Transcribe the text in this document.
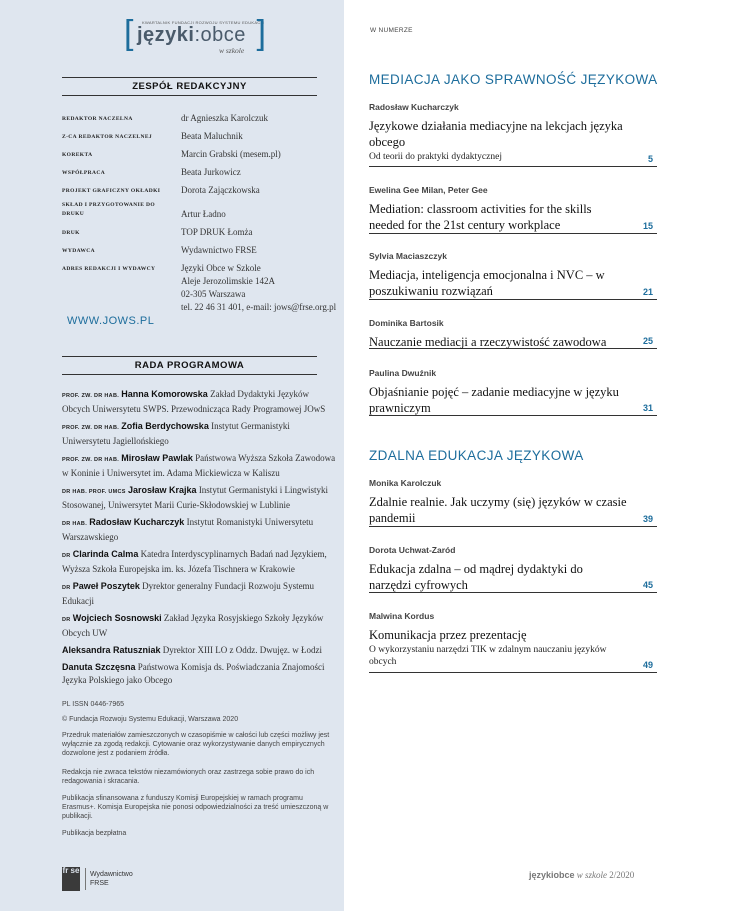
[ KWARTALNIK FUNDACJI ROZWOJU SYSTEMU EDUKACJI
języki:obce
w szkole ]
ZESPÓŁ REDAKCYJNY
REDAKTOR NACZELNA	dr Agnieszka Karolczuk
Z-CA REDAKTOR NACZELNEJ	Beata Maluchnik
KOREKTA	Marcin Grabski (mesem.pl)
WSPÓŁPRACA	Beata Jurkowicz
PROJEKT GRAFICZNY OKŁADKI	Dorota Zajączkowska
SKŁAD I PRZYGOTOWANIE DO DRUKU	Artur Ładno
DRUK	TOP DRUK Łomża
WYDAWCA	Wydawnictwo FRSE
ADRES REDAKCJI I WYDAWCY	Języki Obce w Szkole
Aleje Jerozolimskie 142A
02-305 Warszawa
tel. 22 46 31 401, e-mail: jows@frse.org.pl
WWW.JOWS.PL
RADA PROGRAMOWA
PROF. ZW. DR HAB. Hanna Komorowska Zakład Dydaktyki Języków Obcych Uniwersytetu SWPS. Przewodnicząca Rady Programowej JOwS
PROF. ZW. DR HAB. Zofia Berdychowska Instytut Germanistyki Uniwersytetu Jagiellońskiego
PROF. ZW. DR HAB. Mirosław Pawlak Państwowa Wyższa Szkoła Zawodowa w Koninie i Uniwersytet im. Adama Mickiewicza w Kaliszu
DR HAB. PROF. UMCS Jarosław Krajka Instytut Germanistyki i Lingwistyki Stosowanej, Uniwersytet Marii Curie-Skłodowskiej w Lublinie
DR HAB. Radosław Kucharczyk Instytut Romanistyki Uniwersytetu Warszawskiego
DR Clarinda Calma Katedra Interdyscyplinarnych Badań nad Językiem, Wyższa Szkoła Europejska im. ks. Józefa Tischnera w Krakowie
DR Paweł Poszytek Dyrektor generalny Fundacji Rozwoju Systemu Edukacji
DR Wojciech Sosnowski Zakład Języka Rosyjskiego Szkoły Języków Obcych UW
Aleksandra Ratuszniak Dyrektor XIII LO z Oddz. Dwujęz. w Łodzi
Danuta Szczęsna Państwowa Komisja ds. Poświadczania Znajomości Języka Polskiego jako Obcego
PL ISSN 0446-7965
© Fundacja Rozwoju Systemu Edukacji, Warszawa 2020
Przedruk materiałów zamieszczonych w czasopiśmie w całości lub części możliwy jest wyłącznie za zgodą redakcji. Cytowanie oraz wykorzystywanie danych empirycznych dozwolone jest z podaniem źródła.
Redakcja nie zwraca tekstów niezamówionych oraz zastrzega sobie prawo do ich redagowania i skracania.
Publikacja sfinansowana z funduszy Komisji Europejskiej w ramach programu Erasmus+. Komisja Europejska nie ponosi odpowiedzialności za treść umieszczoną w publikacji.
Publikacja bezpłatna
fr se Wydawnictwo
FRSE
W NUMERZE
MEDIACJA JAKO SPRAWNOŚĆ JĘZYKOWA
Radosław Kucharczyk
Językowe działania mediacyjne na lekcjach języka obcego
Od teorii do praktyki dydaktycznej	5
Ewelina Gee Milan, Peter Gee
Mediation: classroom activities for the skills needed for the 21st century workplace	15
Sylvia Maciaszczyk
Mediacja, inteligencja emocjonalna i NVC – w poszukiwaniu rozwiązań	21
Dominika Bartosik
Nauczanie mediacji a rzeczywistość zawodowa	25
Paulina Dwuźnik
Objaśnianie pojęć – zadanie mediacyjne w języku prawniczym	31
ZDALNA EDUKACJA JĘZYKOWA
Monika Karolczuk
Zdalnie realnie. Jak uczymy (się) języków w czasie pandemii	39
Dorota Uchwat-Zaród
Edukacja zdalna – od mądrej dydaktyki do narzędzi cyfrowych	45
Malwina Kordus
Komunikacja przez prezentację
O wykorzystaniu narzędzi TIK w zdalnym nauczaniu języków obcych	49
językiobce w szkole 2/2020
